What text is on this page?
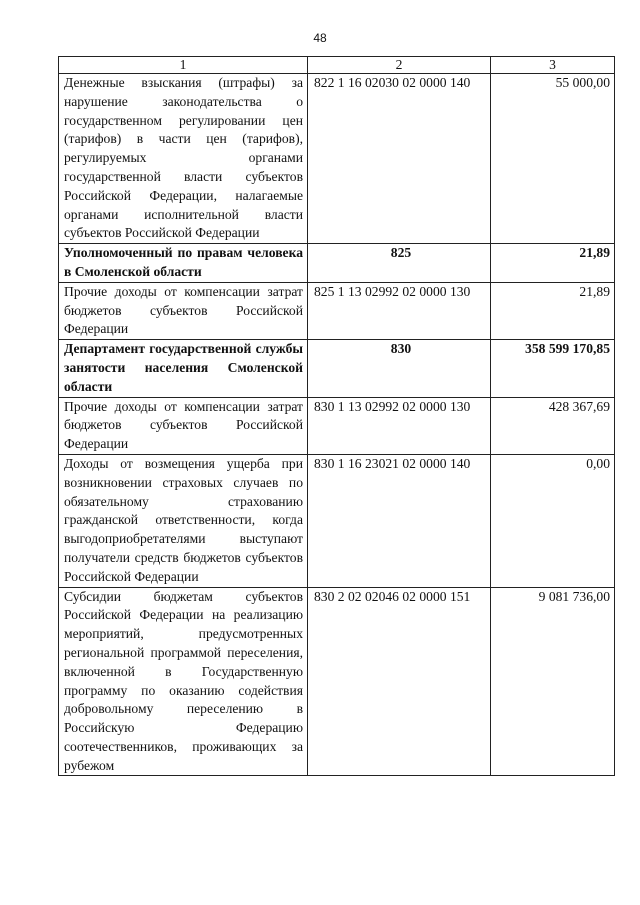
48
1	2	3
Денежные взыскания (штрафы) за нарушение законодательства о государственном регулировании цен (тарифов) в части цен (тарифов), регулируемых органами государственной власти субъектов Российской Федерации, налагаемые органами исполнительной власти субъектов Российской Федерации	822 1 16 02030 02 0000 140	55 000,00
Уполномоченный по правам человека в Смоленской области	825	21,89
Прочие доходы от компенсации затрат бюджетов субъектов Российской Федерации	825 1 13 02992 02 0000 130	21,89
Департамент государственной службы занятости населения Смоленской области	830	358 599 170,85
Прочие доходы от компенсации затрат бюджетов субъектов Российской Федерации	830 1 13 02992 02 0000 130	428 367,69
Доходы от возмещения ущерба при возникновении страховых случаев по обязательному страхованию гражданской ответственности, когда выгодоприобретателями выступают получатели средств бюджетов субъектов Российской Федерации	830 1 16 23021 02 0000 140	0,00
Субсидии бюджетам субъектов Российской Федерации на реализацию мероприятий, предусмотренных региональной программой переселения, включенной в Государственную программу по оказанию содействия добровольному переселению в Российскую Федерацию соотечественников, проживающих за рубежом	830 2 02 02046 02 0000 151	9 081 736,00
